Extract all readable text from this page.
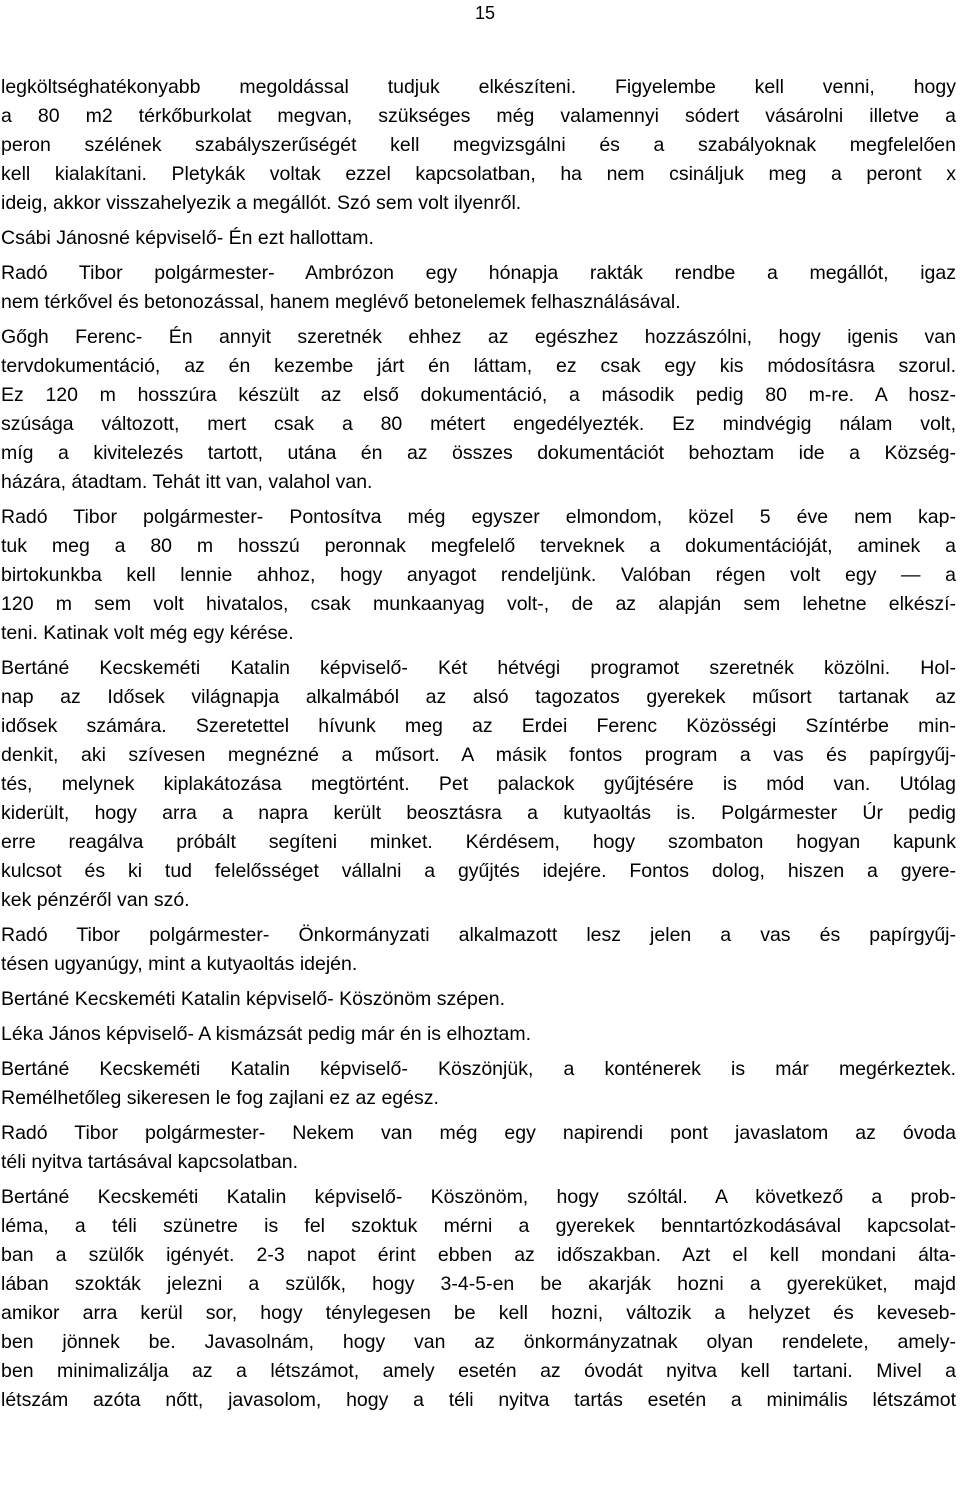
15
legköltséghatékonyabb megoldással tudjuk elkészíteni. Figyelembe kell venni, hogy
a 80 m2 térkőburkolat megvan, szükséges még valamennyi sódert vásárolni illetve a
peron szélének szabályszerűségét kell megvizsgálni és a szabályoknak megfelelően
kell kialakítani. Pletykák voltak ezzel kapcsolatban, ha nem csináljuk meg a peront x
ideig, akkor visszahelyezik a megállót. Szó sem volt ilyenről.
Csábi Jánosné képviselő- Én ezt hallottam.
Radó Tibor polgármester- Ambrózon egy hónapja rakták rendbe a megállót, igaz
nem térkővel és betonozással, hanem meglévő betonelemek felhasználásával.
Gőgh Ferenc- Én annyit szeretnék ehhez az egészhez hozzászólni, hogy igenis van
tervdokumentáció, az én kezembe járt én láttam, ez csak egy kis módosításra szorul.
Ez 120 m hosszúra készült az első dokumentáció, a második pedig 80 m-re. A hosz-
szúsága változott, mert csak a 80 métert engedélyezték. Ez mindvégig nálam volt,
míg a kivitelezés tartott, utána én az összes dokumentációt behoztam ide a Község-
házára, átadtam. Tehát itt van, valahol van.
Radó Tibor polgármester- Pontosítva még egyszer elmondom, közel 5 éve nem kap-
tuk meg a 80 m hosszú peronnak megfelelő terveknek a dokumentációját, aminek a
birtokunkba kell lennie ahhoz, hogy anyagot rendeljünk. Valóban régen volt egy — a
120 m sem volt hivatalos, csak munkaanyag volt-, de az alapján sem lehetne elkészí-
teni. Katinak volt még egy kérése.
Bertáné Kecskeméti Katalin képviselő- Két hétvégi programot szeretnék közölni. Hol-
nap az Idősek világnapja alkalmából az alsó tagozatos gyerekek műsort tartanak az
idősek számára. Szeretettel hívunk meg az Erdei Ferenc Közösségi Színtérbe min-
denkit, aki szívesen megnézné a műsort. A másik fontos program a vas és papírgyűj-
tés, melynek kiplakátozása megtörtént. Pet palackok gyűjtésére is mód van. Utólag
kiderült, hogy arra a napra került beosztásra a kutyaoltás is. Polgármester Úr pedig
erre reagálva próbált segíteni minket. Kérdésem, hogy szombaton hogyan kapunk
kulcsot és ki tud felelősséget vállalni a gyűjtés idejére. Fontos dolog, hiszen a gyere-
kek pénzéről van szó.
Radó Tibor polgármester- Önkormányzati alkalmazott lesz jelen a vas és papírgyűj-
tésen ugyanúgy, mint a kutyaoltás idején.
Bertáné Kecskeméti Katalin képviselő- Köszönöm szépen.
Léka János képviselő- A kismázsát pedig már én is elhoztam.
Bertáné Kecskeméti Katalin képviselő- Köszönjük, a konténerek is már megérkeztek.
Remélhetőleg sikeresen le fog zajlani ez az egész.
Radó Tibor polgármester- Nekem van még egy napirendi pont javaslatom az óvoda
téli nyitva tartásával kapcsolatban.
Bertáné Kecskeméti Katalin képviselő- Köszönöm, hogy szóltál. A következő a prob-
léma, a téli szünetre is fel szoktuk mérni a gyerekek benntartózkodásával kapcsolat-
ban a szülők igényét. 2-3 napot érint ebben az időszakban. Azt el kell mondani álta-
lában szokták jelezni a szülők, hogy 3-4-5-en be akarják hozni a gyereküket, majd
amikor arra kerül sor, hogy ténylegesen be kell hozni, változik a helyzet és keveseb-
ben jönnek be. Javasolnám, hogy van az önkormányzatnak olyan rendelete, amely-
ben minimalizálja az a létszámot, amely esetén az óvodát nyitva kell tartani. Mivel a
létszám azóta nőtt, javasolom, hogy a téli nyitva tartás esetén a minimális létszámot
